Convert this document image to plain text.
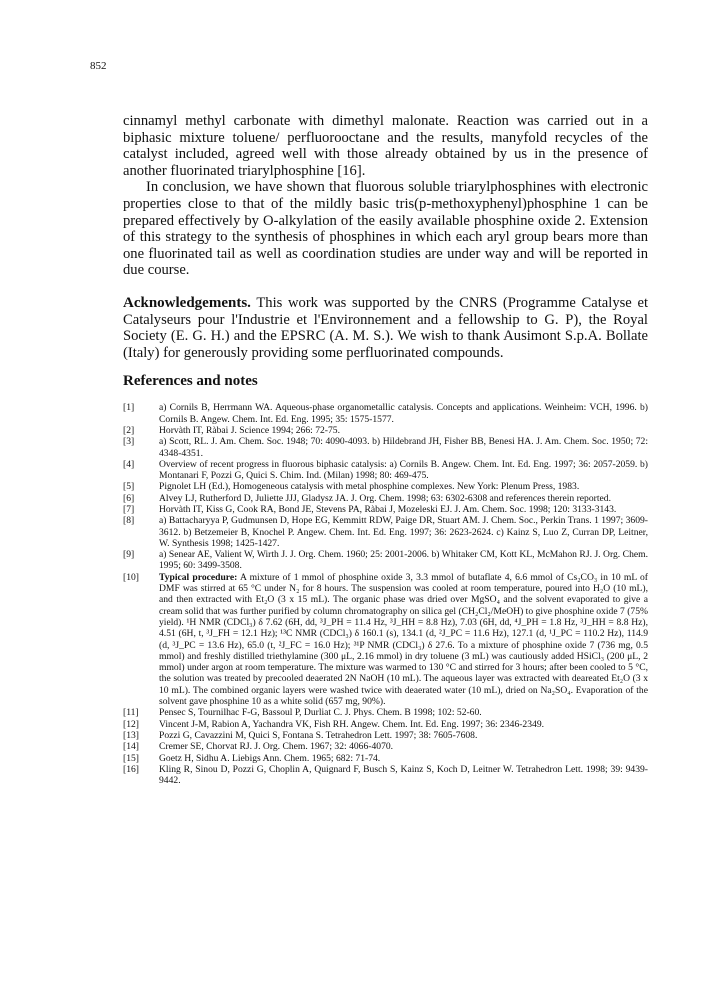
852

cinnamyl methyl carbonate with dimethyl malonate. Reaction was carried out in a biphasic mixture toluene/ perfluorooctane and the results, manyfold recycles of the catalyst included, agreed well with those already obtained by us in the presence of another fluorinated triarylphosphine [16].

In conclusion, we have shown that fluorous soluble triarylphosphines with electronic properties close to that of the mildly basic tris(p-methoxyphenyl)phosphine 1 can be prepared effectively by O-alkylation of the easily available phosphine oxide 2. Extension of this strategy to the synthesis of phosphines in which each aryl group bears more than one fluorinated tail as well as coordination studies are under way and will be reported in due course.

Acknowledgements. This work was supported by the CNRS (Programme Catalyse et Catalyseurs pour l'Industrie et l'Environnement and a fellowship to G. P), the Royal Society (E. G. H.) and the EPSRC (A. M. S.). We wish to thank Ausimont S.p.A. Bollate (Italy) for generously providing some perfluorinated compounds.

References and notes
[1]	a) Cornils B, Herrmann WA. Aqueous-phase organometallic catalysis. Concepts and applications. Weinheim: VCH, 1996. b) Cornils B. Angew. Chem. Int. Ed. Eng. 1995; 35: 1575-1577.
[2]	Horvàth IT, Ràbai J. Science 1994; 266: 72-75.
[3]	a) Scott, RL. J. Am. Chem. Soc. 1948; 70: 4090-4093. b) Hildebrand JH, Fisher BB, Benesi HA. J. Am. Chem. Soc. 1950; 72: 4348-4351.
[4]	Overview of recent progress in fluorous biphasic catalysis: a) Cornils B. Angew. Chem. Int. Ed. Eng. 1997; 36: 2057-2059. b) Montanari F, Pozzi G, Quici S. Chim. Ind. (Milan) 1998; 80: 469-475.
[5]	Pignolet LH (Ed.), Homogeneous catalysis with metal phosphine complexes. New York: Plenum Press, 1983.
[6]	Alvey LJ, Rutherford D, Juliette JJJ, Gladysz JA. J. Org. Chem. 1998; 63: 6302-6308 and references therein reported.
[7]	Horvàth IT, Kiss G, Cook RA, Bond JE, Stevens PA, Ràbai J, Mozeleski EJ. J. Am. Chem. Soc. 1998; 120: 3133-3143.
[8]	a) Battacharyya P, Gudmunsen D, Hope EG, Kemmitt RDW, Paige DR, Stuart AM. J. Chem. Soc., Perkin Trans. 1 1997; 3609-3612. b) Betzemeier B, Knochel P. Angew. Chem. Int. Ed. Eng. 1997; 36: 2623-2624. c) Kainz S, Luo Z, Curran DP, Leitner, W. Synthesis 1998; 1425-1427.
[9]	a) Senear AE, Valient W, Wirth J. J. Org. Chem. 1960; 25: 2001-2006. b) Whitaker CM, Kott KL, McMahon RJ. J. Org. Chem. 1995; 60: 3499-3508.
[10]	Typical procedure: A mixture of 1 mmol of phosphine oxide 3, 3.3 mmol of butaflate 4, 6.6 mmol of Cs₂CO₃ in 10 mL of DMF was stirred at 65 °C under N₂ for 8 hours. The suspension was cooled at room temperature, poured into H₂O (10 mL), and then extracted with Et₂O (3 x 15 mL). The organic phase was dried over MgSO₄ and the solvent evaporated to give a cream solid that was further purified by column chromatography on silica gel (CH₂Cl₂/MeOH) to give phosphine oxide 7 (75% yield). ¹H NMR (CDCl₃) δ 7.62 (6H, dd, ³J_PH = 11.4 Hz, ³J_HH = 8.8 Hz), 7.03 (6H, dd, ⁴J_PH = 1.8 Hz, ³J_HH = 8.8 Hz), 4.51 (6H, t, ³J_FH = 12.1 Hz); ¹³C NMR (CDCl₃) δ 160.1 (s), 134.1 (d, ²J_PC = 11.6 Hz), 127.1 (d, ¹J_PC = 110.2 Hz), 114.9 (d, ³J_PC = 13.6 Hz), 65.0 (t, ²J_FC = 16.0 Hz); ³¹P NMR (CDCl₃) δ 27.6. To a mixture of phosphine oxide 7 (736 mg, 0.5 mmol) and freshly distilled triethylamine (300 μL, 2.16 mmol) in dry toluene (3 mL) was cautiously added HSiCl₃ (200 μL, 2 mmol) under argon at room temperature. The mixture was warmed to 130 °C and stirred for 3 hours; after been cooled to 5 °C, the solution was treated by precooled deaerated 2N NaOH (10 mL). The aqueous layer was extracted with deareated Et₂O (3 x 10 mL). The combined organic layers were washed twice with deaerated water (10 mL), dried on Na₂SO₄. Evaporation of the solvent gave phosphine 10 as a white solid (657 mg, 90%).
[11]	Pensec S, Tournilhac F-G, Bassoul P, Durliat C. J. Phys. Chem. B 1998; 102: 52-60.
[12]	Vincent J-M, Rabion A, Yachandra VK, Fish RH. Angew. Chem. Int. Ed. Eng. 1997; 36: 2346-2349.
[13]	Pozzi G, Cavazzini M, Quici S, Fontana S. Tetrahedron Lett. 1997; 38: 7605-7608.
[14]	Cremer SE, Chorvat RJ. J. Org. Chem. 1967; 32: 4066-4070.
[15]	Goetz H, Sidhu A. Liebigs Ann. Chem. 1965; 682: 71-74.
[16]	Kling R, Sinou D, Pozzi G, Choplin A, Quignard F, Busch S, Kainz S, Koch D, Leitner W. Tetrahedron Lett. 1998; 39: 9439-9442.
